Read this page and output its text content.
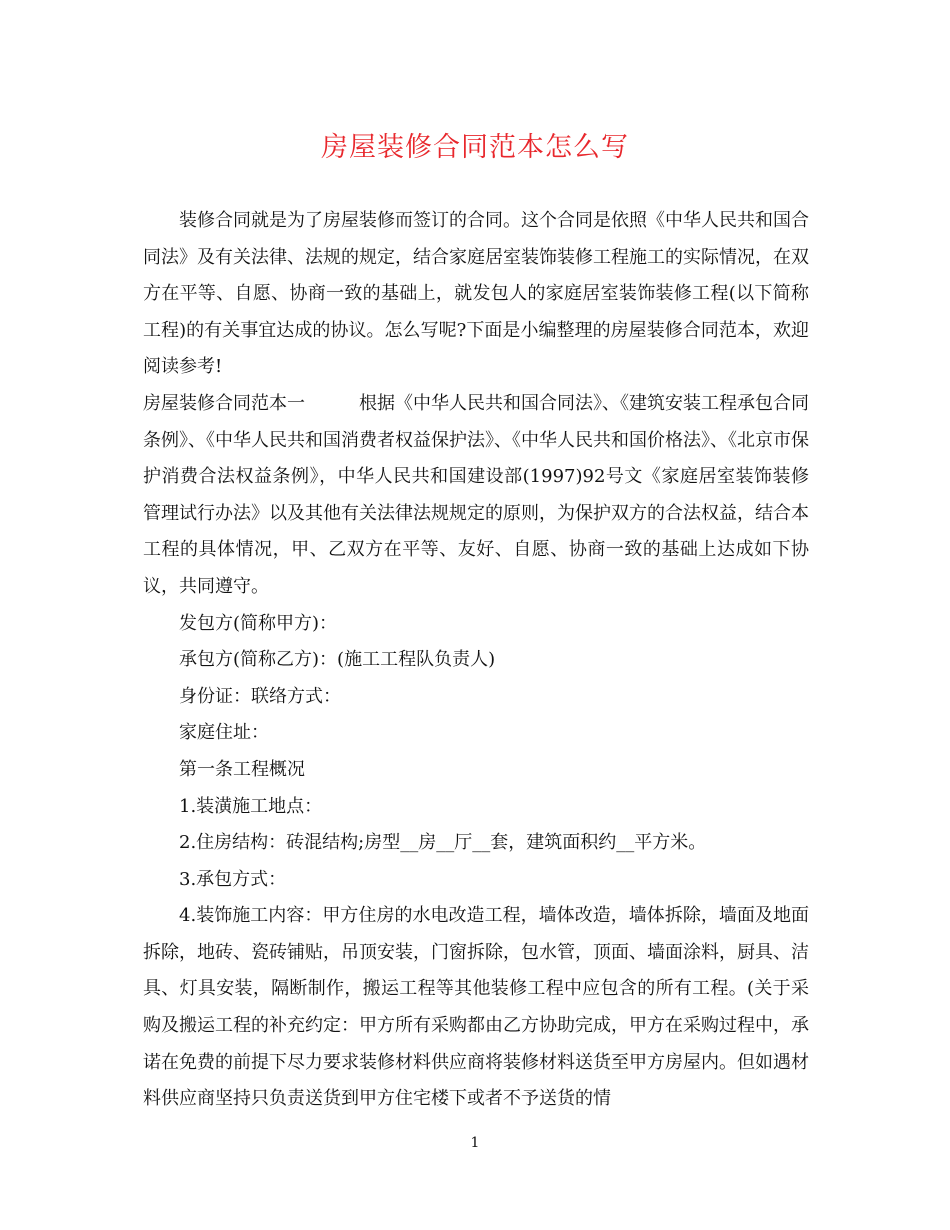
房屋装修合同范本怎么写

装修合同就是为了房屋装修而签订的合同。这个合同是依照《中华人民共和国合同法》及有关法律、法规的规定，结合家庭居室装饰装修工程施工的实际情况，在双方在平等、自愿、协商一致的基础上，就发包人的家庭居室装饰装修工程(以下简称工程)的有关事宜达成的协议。怎么写呢?下面是小编整理的房屋装修合同范本，欢迎阅读参考!

房屋装修合同范本一	根据《中华人民共和国合同法》、《建筑安装工程承包合同条例》、《中华人民共和国消费者权益保护法》、《中华人民共和国价格法》、《北京市保护消费合法权益条例》，中华人民共和国建设部(1997)92号文《家庭居室装饰装修管理试行办法》以及其他有关法律法规规定的原则，为保护双方的合法权益，结合本工程的具体情况，甲、乙双方在平等、友好、自愿、协商一致的基础上达成如下协议，共同遵守。

发包方(简称甲方)：

承包方(简称乙方)：(施工工程队负责人)

身份证：联络方式：

家庭住址：

第一条工程概况

1.装潢施工地点：

2.住房结构：砖混结构;房型__房__厅__套，建筑面积约__平方米。

3.承包方式：

4.装饰施工内容：甲方住房的水电改造工程，墙体改造，墙体拆除，墙面及地面拆除，地砖、瓷砖铺贴，吊顶安装，门窗拆除，包水管，顶面、墙面涂料，厨具、洁具、灯具安装，隔断制作，搬运工程等其他装修工程中应包含的所有工程。(关于采购及搬运工程的补充约定：甲方所有采购都由乙方协助完成，甲方在采购过程中，承诺在免费的前提下尽力要求装修材料供应商将装修材料送货至甲方房屋内。但如遇材料供应商坚持只负责送货到甲方住宅楼下或者不予送货的情

1
